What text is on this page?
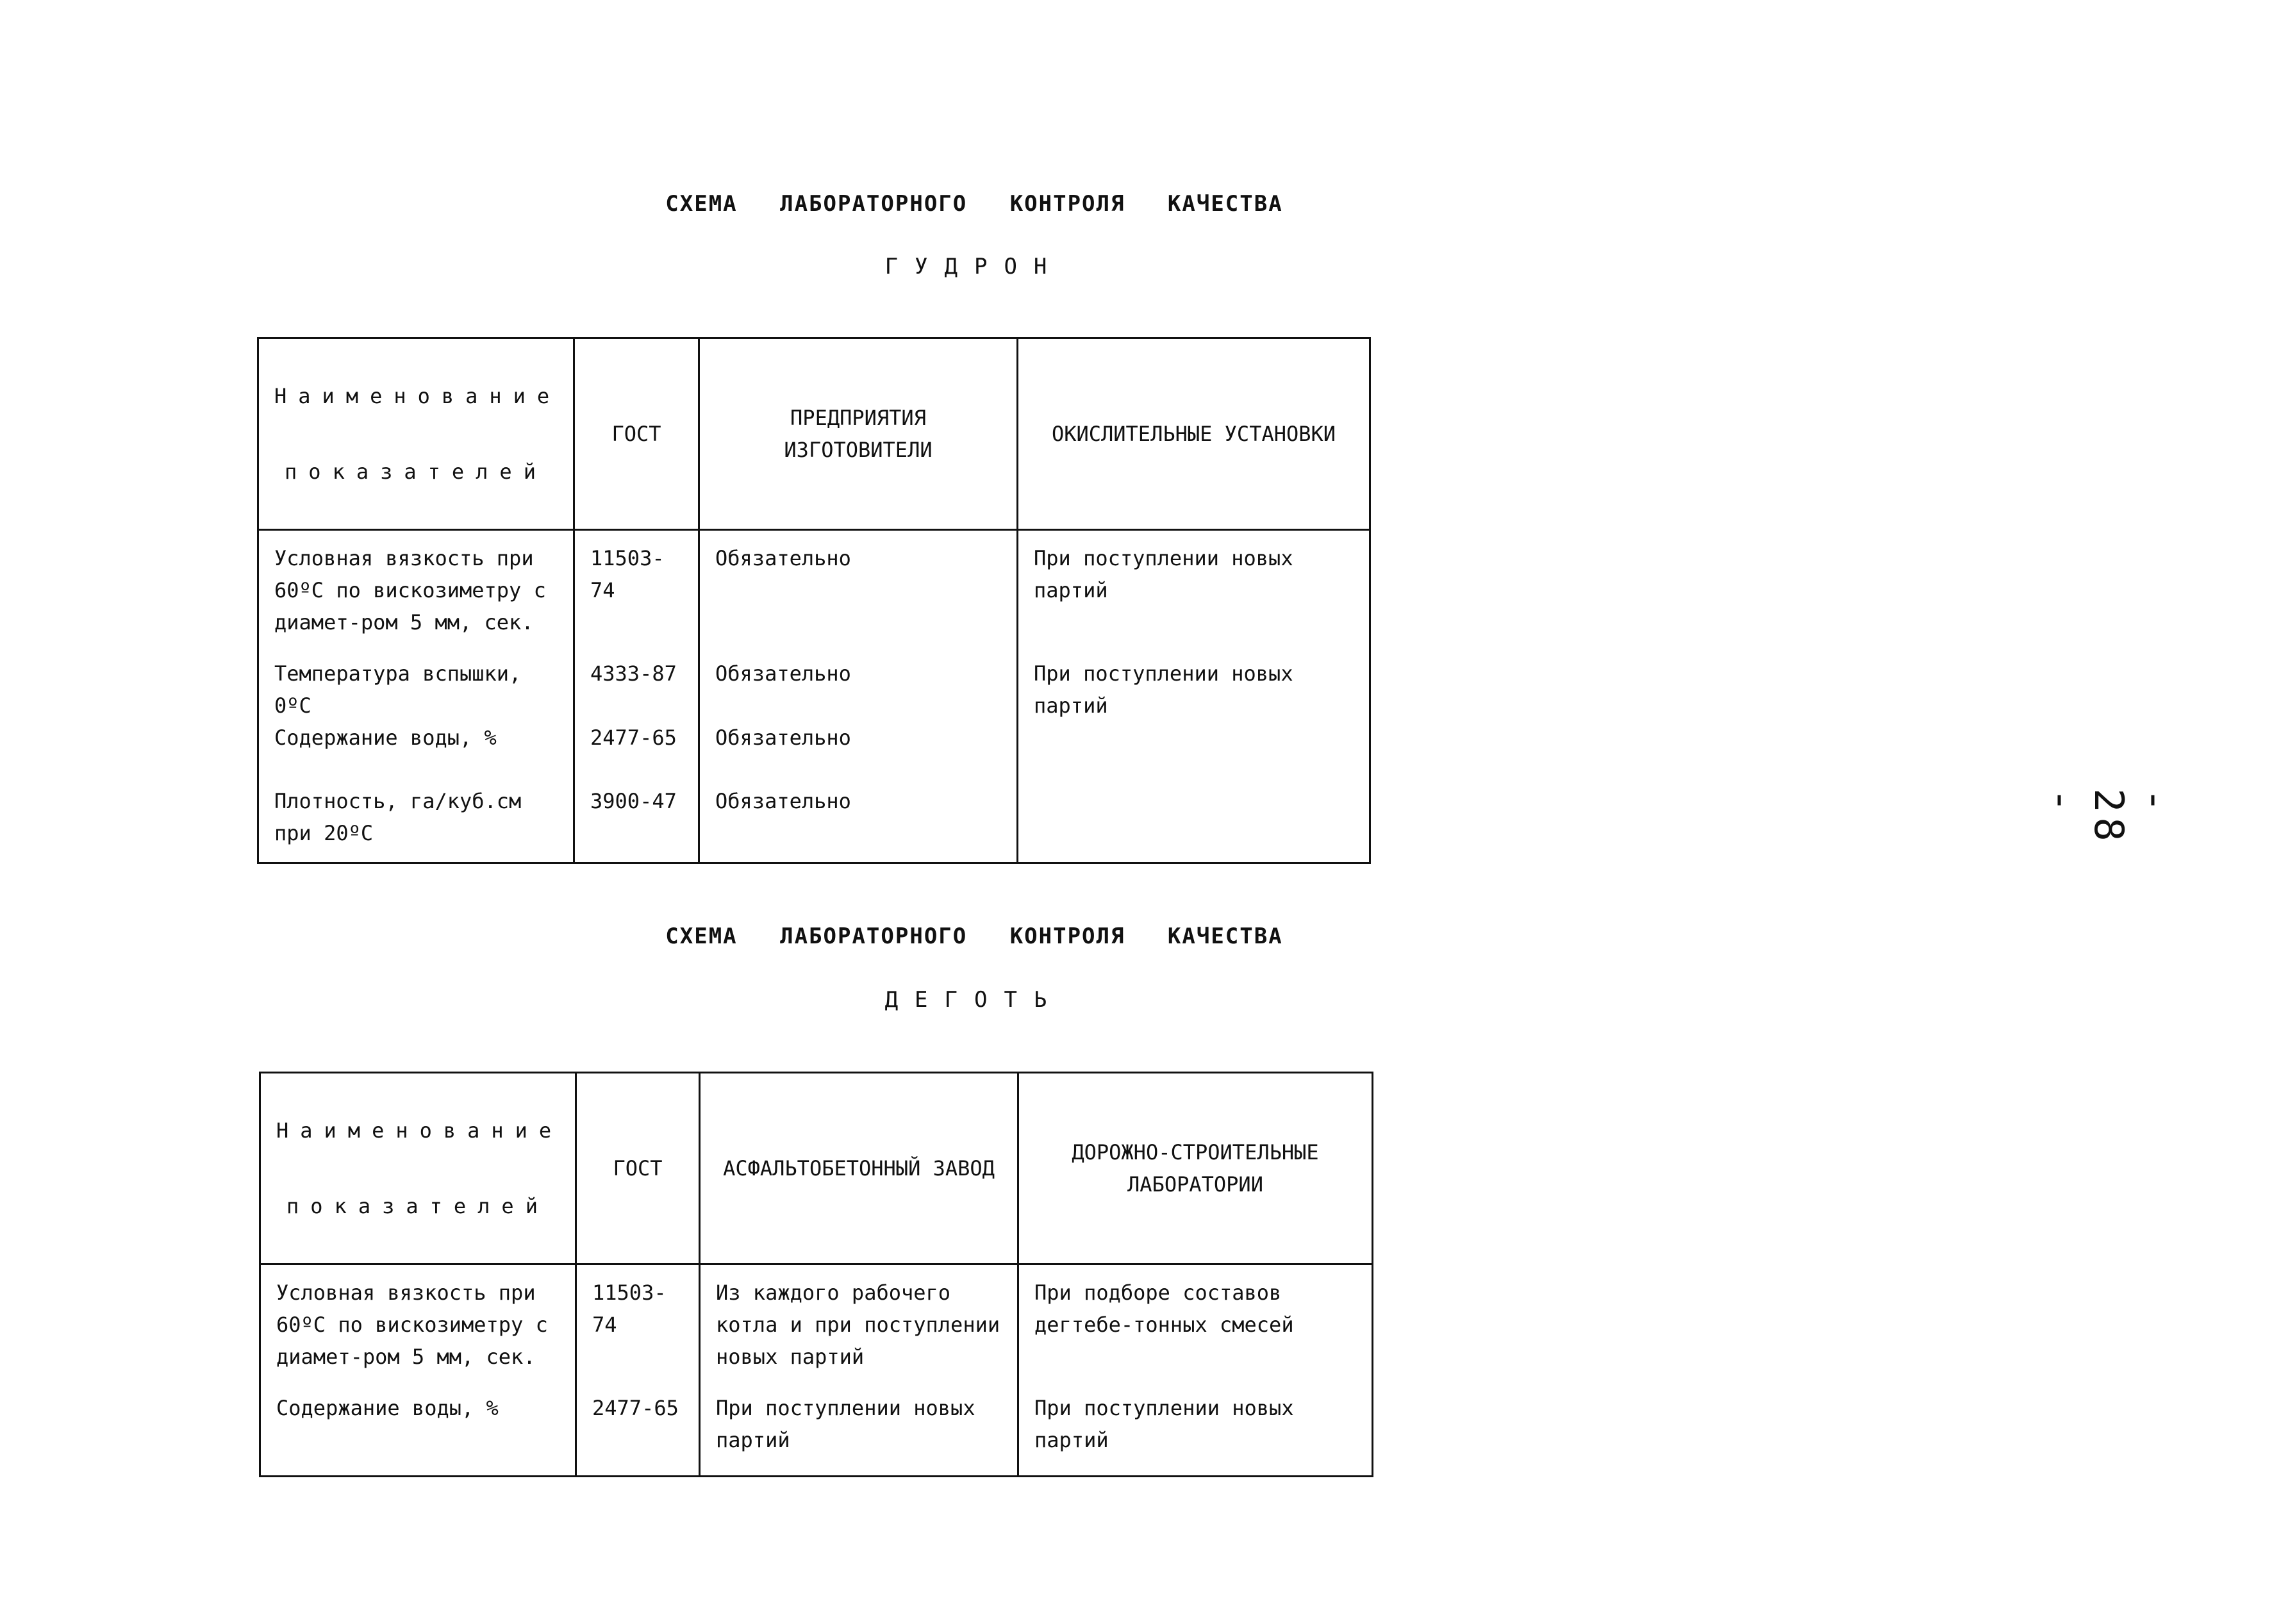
СХЕМА ЛАБОРАТОРНОГО КОНТРОЛЯ КАЧЕСТВА
ГУДРОН
Наименование показателей	ГОСТ	ПРЕДПРИЯТИЯ ИЗГОТОВИТЕЛИ	ОКИСЛИТЕЛЬНЫЕ УСТАНОВКИ
Условная вязкость при 60ºС по вискозиметру с диамет-ром 5 мм, сек.	11503-74	Обязательно	При поступлении новых партий
Температура вспышки, 0ºС	4333-87	Обязательно	При поступлении новых партий
Содержание воды, %	2477-65	Обязательно	
Плотность, га/куб.см при 20ºС	3900-47	Обязательно	
СХЕМА ЛАБОРАТОРНОГО КОНТРОЛЯ КАЧЕСТВА
ДЕГОТЬ
Наименование показателей	ГОСТ	АСФАЛЬТОБЕТОННЫЙ ЗАВОД	ДОРОЖНО-СТРОИТЕЛЬНЫЕ ЛАБОРАТОРИИ
Условная вязкость при 60ºС по вискозиметру с диамет-ром 5 мм, сек.	11503-74	Из каждого рабочего котла и при поступлении новых партий	При подборе составов дегтебе-тонных смесей
Содержание воды, %	2477-65	При поступлении новых партий	При поступлении новых партий
- 28 -
